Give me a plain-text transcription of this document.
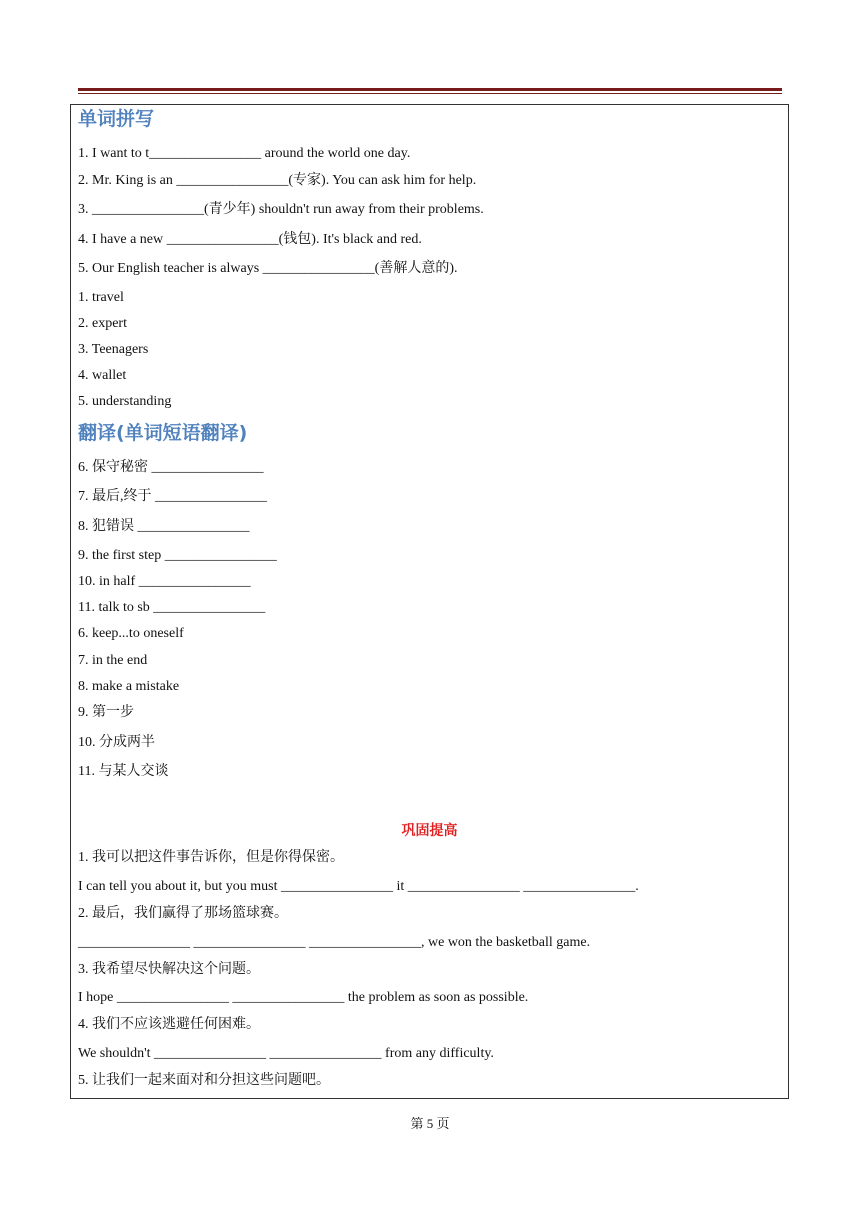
单词拼写
1. I want to t________________ around the world one day.
2. Mr. King is an ________________(专家). You can ask him for help.
3. ________________(青少年) shouldn't run away from their problems.
4. I have a new ________________(钱包). It's black and red.
5. Our English teacher is always ________________(善解人意的).
1. travel
2. expert
3. Teenagers
4. wallet
5. understanding
翻译(单词短语翻译)
6. 保守秘密 ________________
7. 最后,终于 ________________
8. 犯错误 ________________
9. the first step ________________
10. in half ________________
11. talk to sb ________________
6. keep...to oneself
7. in the end
8. make a mistake
9. 第一步
10. 分成两半
11. 与某人交谈
巩固提高
1. 我可以把这件事告诉你，但是你得保密。
I can tell you about it, but you must ________________ it ________________ ________________.
2. 最后，我们赢得了那场篮球赛。
________________ ________________ ________________, we won the basketball game.
3. 我希望尽快解决这个问题。
I hope ________________ ________________ the problem as soon as possible.
4. 我们不应该逃避任何困难。
We shouldn't ________________ ________________ from any difficulty.
5. 让我们一起来面对和分担这些问题吧。
第 5 页
